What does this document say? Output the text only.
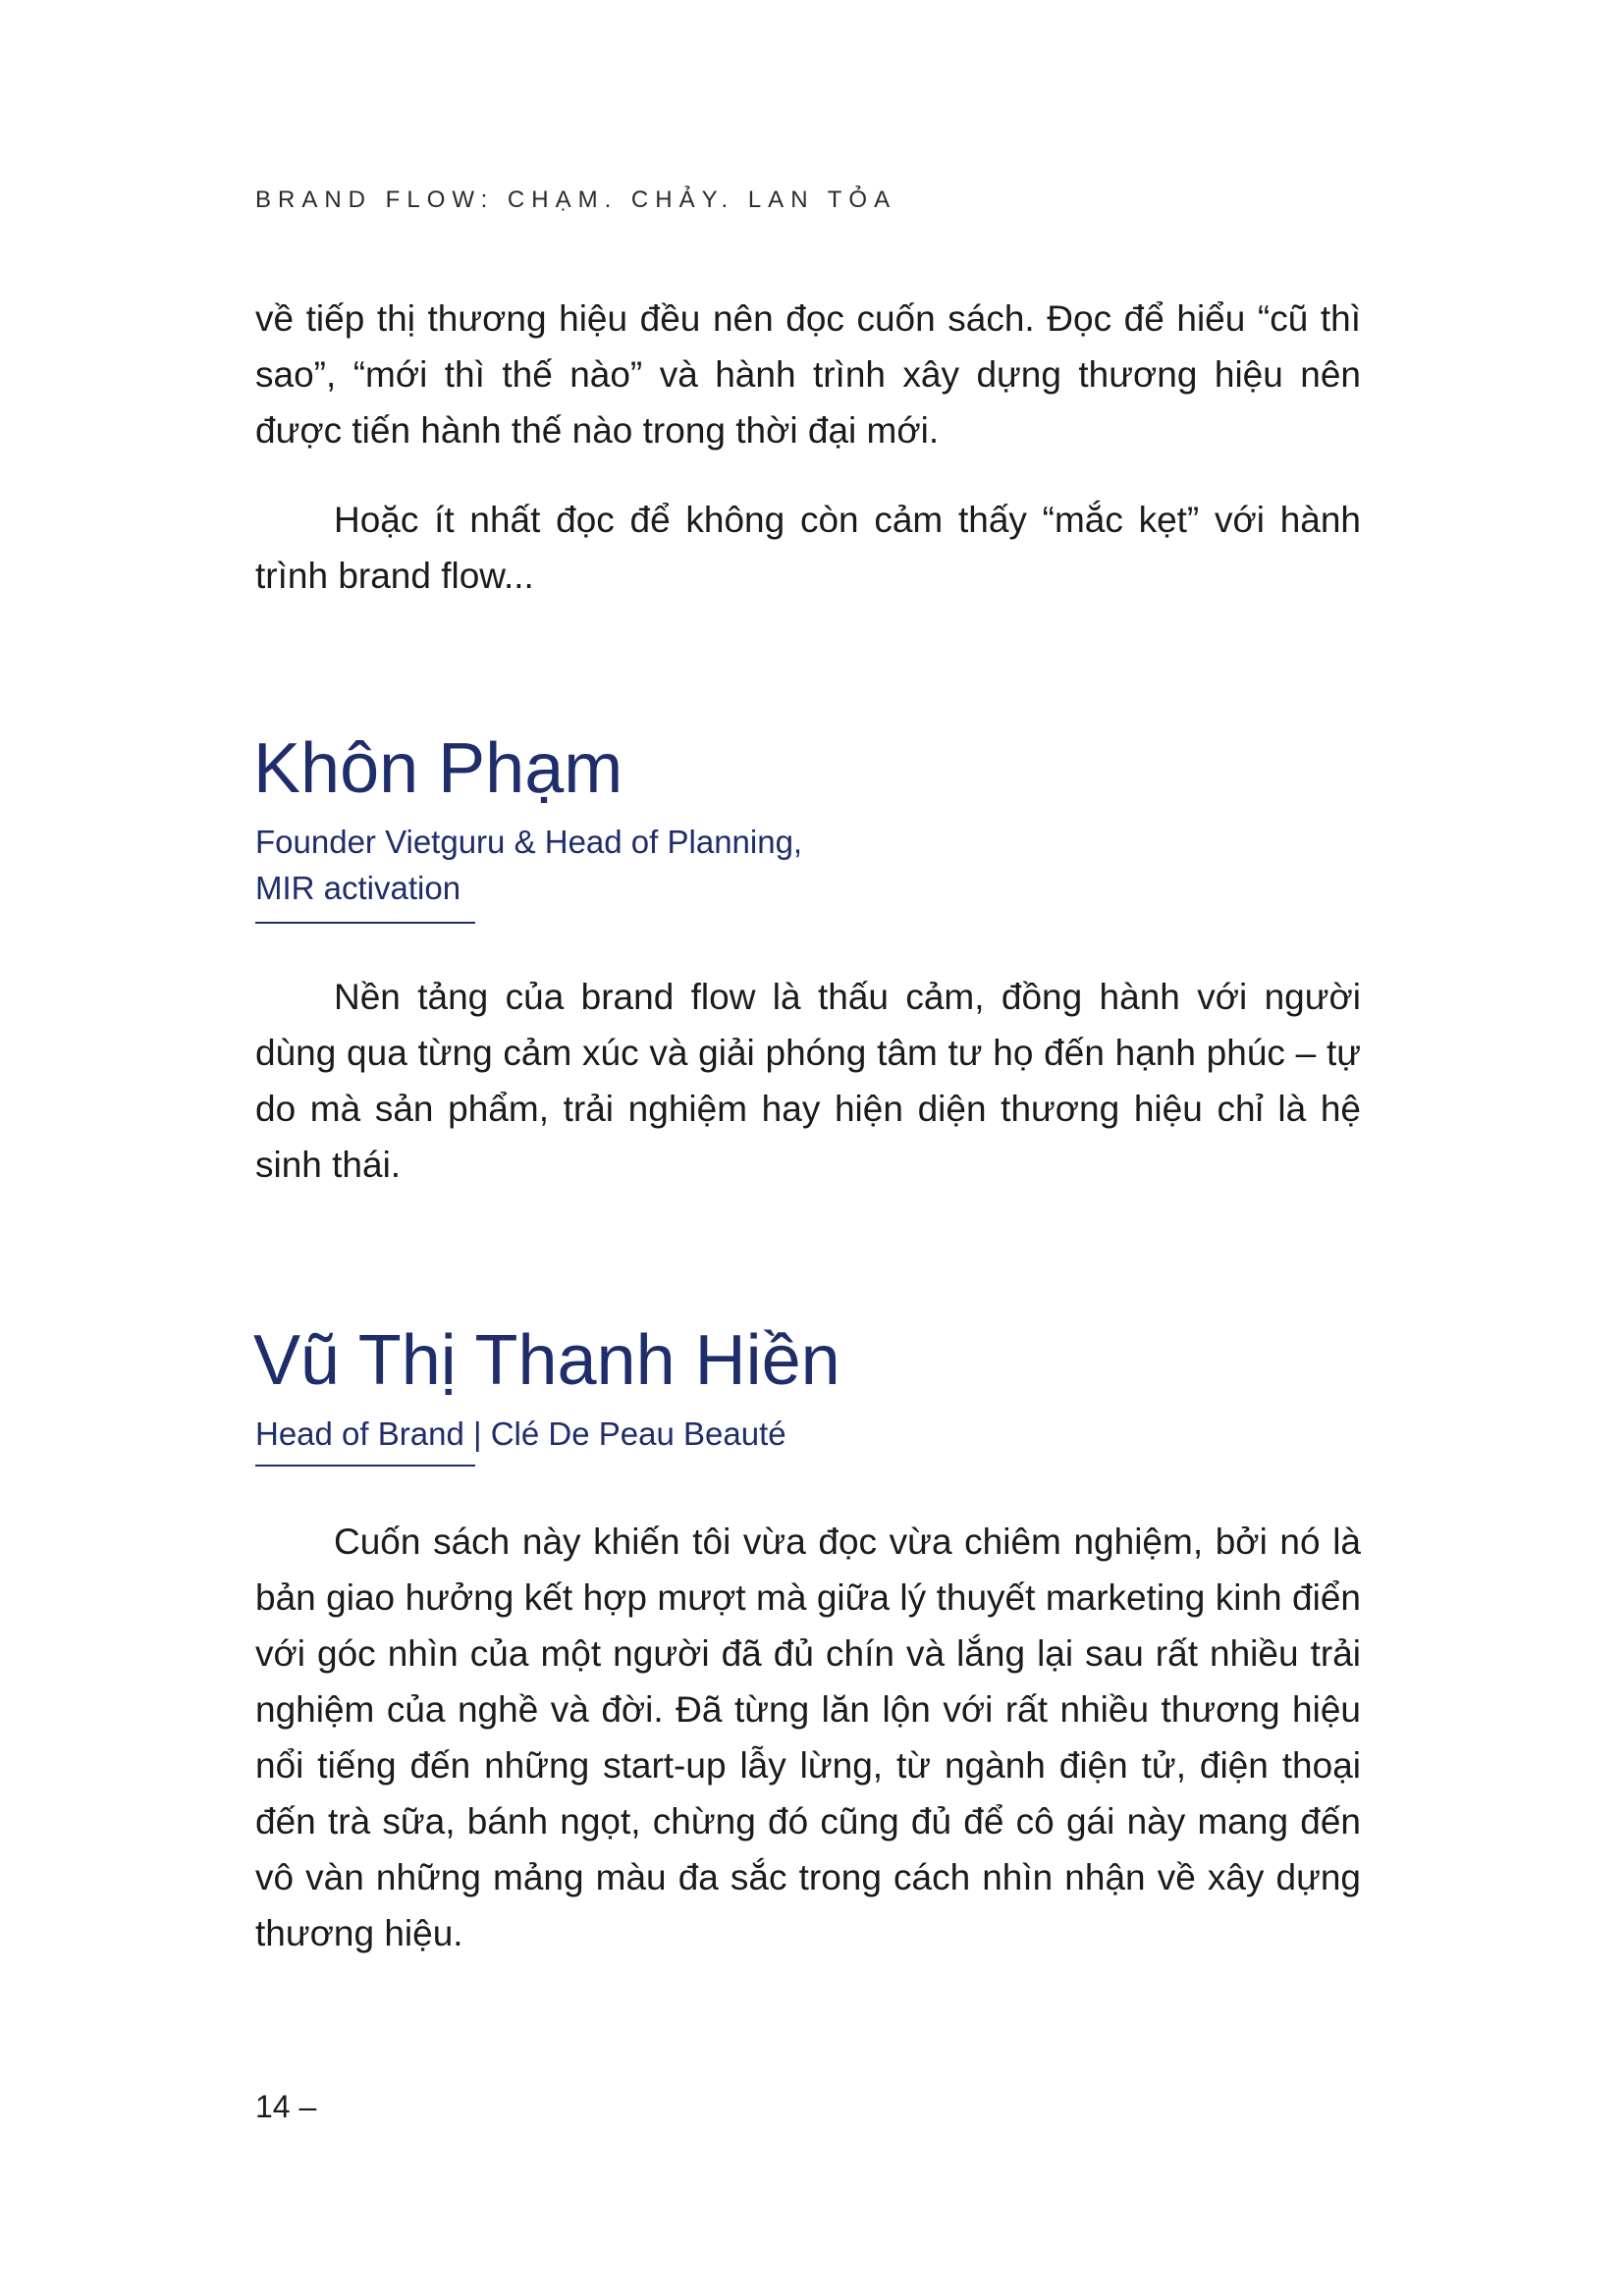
BRAND FLOW: CHẠM. CHẢY. LAN TỎA

về tiếp thị thương hiệu đều nên đọc cuốn sách. Đọc để hiểu “cũ thì sao”, “mới thì thế nào” và hành trình xây dựng thương hiệu nên được tiến hành thế nào trong thời đại mới.

Hoặc ít nhất đọc để không còn cảm thấy “mắc kẹt” với hành trình brand flow...

Khôn Phạm
Founder Vietguru & Head of Planning,
MIR activation

Nền tảng của brand flow là thấu cảm, đồng hành với người dùng qua từng cảm xúc và giải phóng tâm tư họ đến hạnh phúc – tự do mà sản phẩm, trải nghiệm hay hiện diện thương hiệu chỉ là hệ sinh thái.

Vũ Thị Thanh Hiền
Head of Brand | Clé De Peau Beauté

Cuốn sách này khiến tôi vừa đọc vừa chiêm nghiệm, bởi nó là bản giao hưởng kết hợp mượt mà giữa lý thuyết marketing kinh điển với góc nhìn của một người đã đủ chín và lắng lại sau rất nhiều trải nghiệm của nghề và đời. Đã từng lăn lộn với rất nhiều thương hiệu nổi tiếng đến những start-up lẫy lừng, từ ngành điện tử, điện thoại đến trà sữa, bánh ngọt, chừng đó cũng đủ để cô gái này mang đến vô vàn những mảng màu đa sắc trong cách nhìn nhận về xây dựng thương hiệu.

14 –
